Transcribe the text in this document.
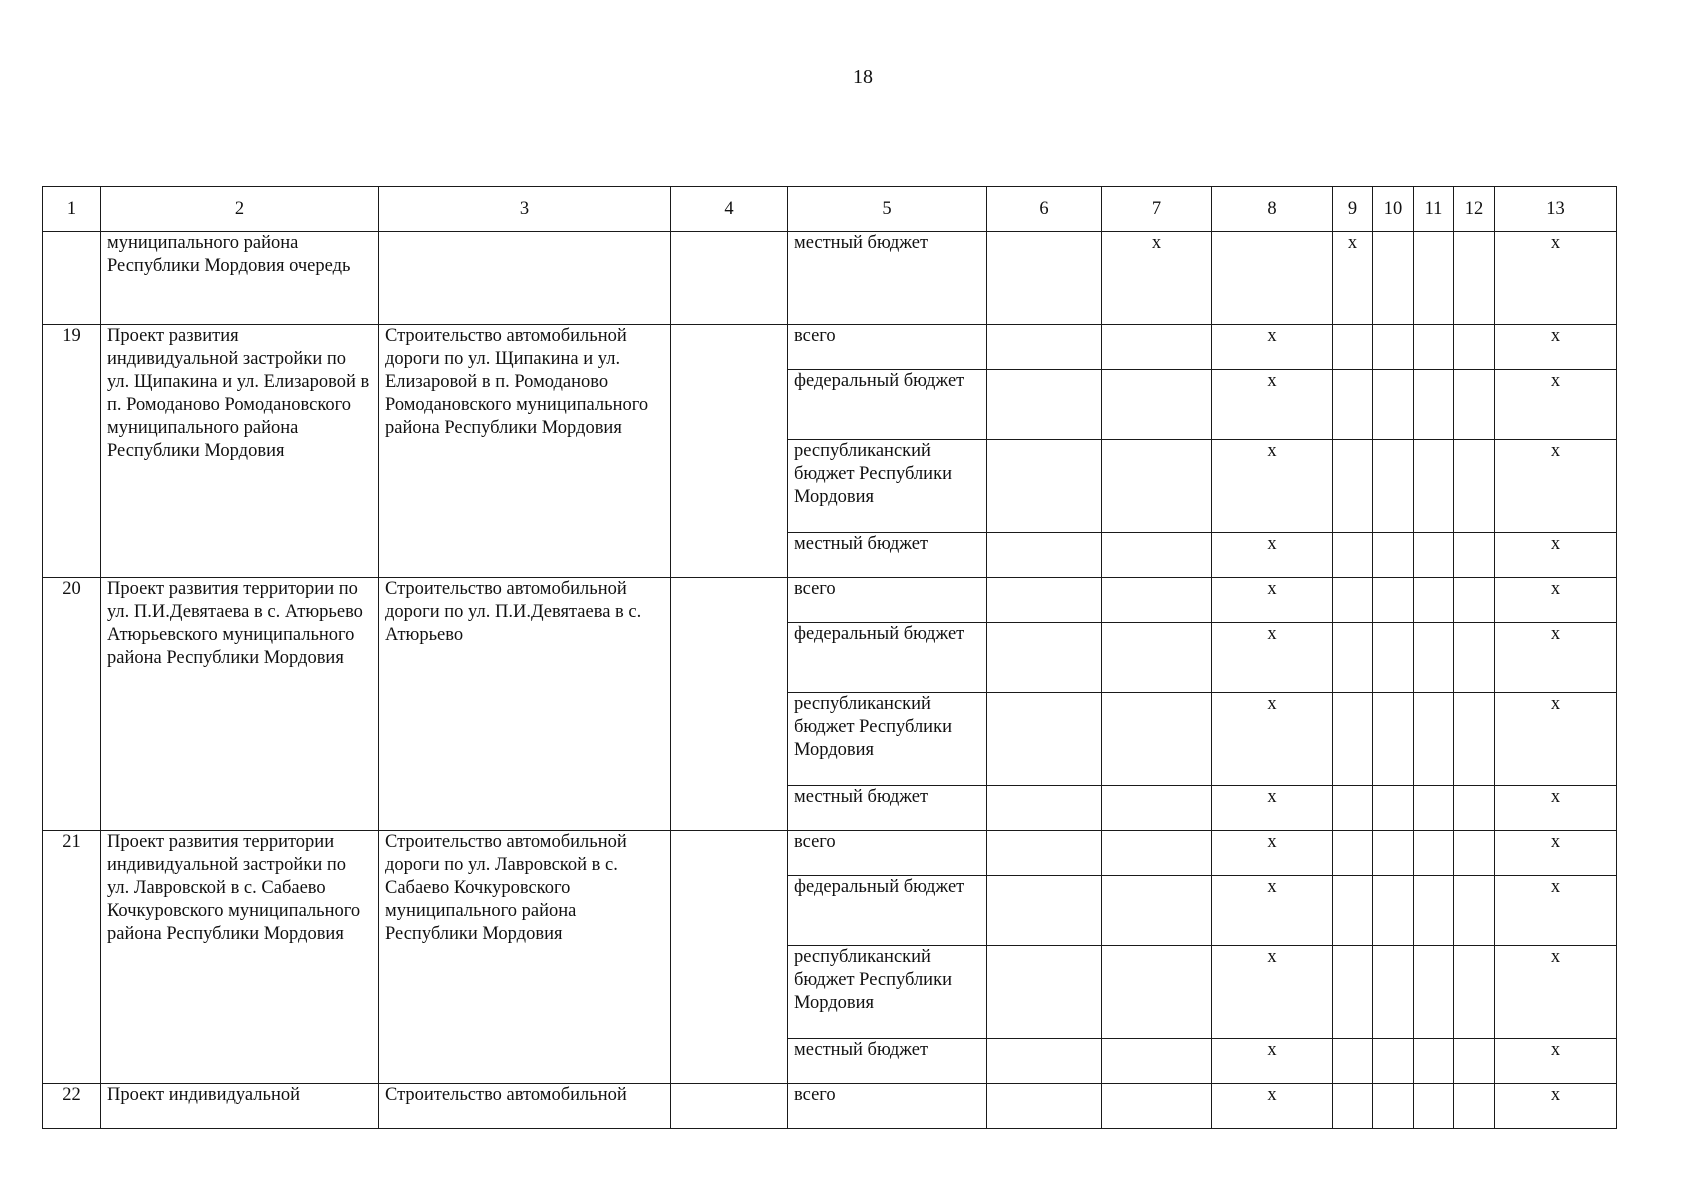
18
1	2	3	4	5	6	7	8	9	10	11	12	13
	муниципального района Республики Мордовия очередь			местный бюджет		х		х				х
19	Проект развития индивидуальной застройки по ул. Щипакина и ул. Елизаровой в п. Ромоданово Ромодановского муниципального района Республики Мордовия	Строительство автомобильной дороги по ул. Щипакина и ул. Елизаровой в п. Ромоданово Ромодановского муниципального района Республики Мордовия		всего			х					х
				федеральный бюджет			х					х
				республиканский бюджет Республики Мордовия			х					х
				местный бюджет			х					х
20	Проект развития территории по ул. П.И.Девятаева в с. Атюрьево Атюрьевского муниципального района Республики Мордовия	Строительство автомобильной дороги по ул. П.И.Девятаева в с. Атюрьево		всего			х					х
				федеральный бюджет			х					х
				республиканский бюджет Республики Мордовия			х					х
				местный бюджет			х					х
21	Проект развития территории индивидуальной застройки по ул. Лавровской в с. Сабаево Кочкуровского муниципального района Республики Мордовия	Строительство автомобильной дороги по ул. Лавровской в с. Сабаево Кочкуровского муниципального района Республики Мордовия		всего			х					х
				федеральный бюджет			х					х
				республиканский бюджет Республики Мордовия			х					х
				местный бюджет			х					х
22	Проект индивидуальной	Строительство автомобильной		всего			х					х
